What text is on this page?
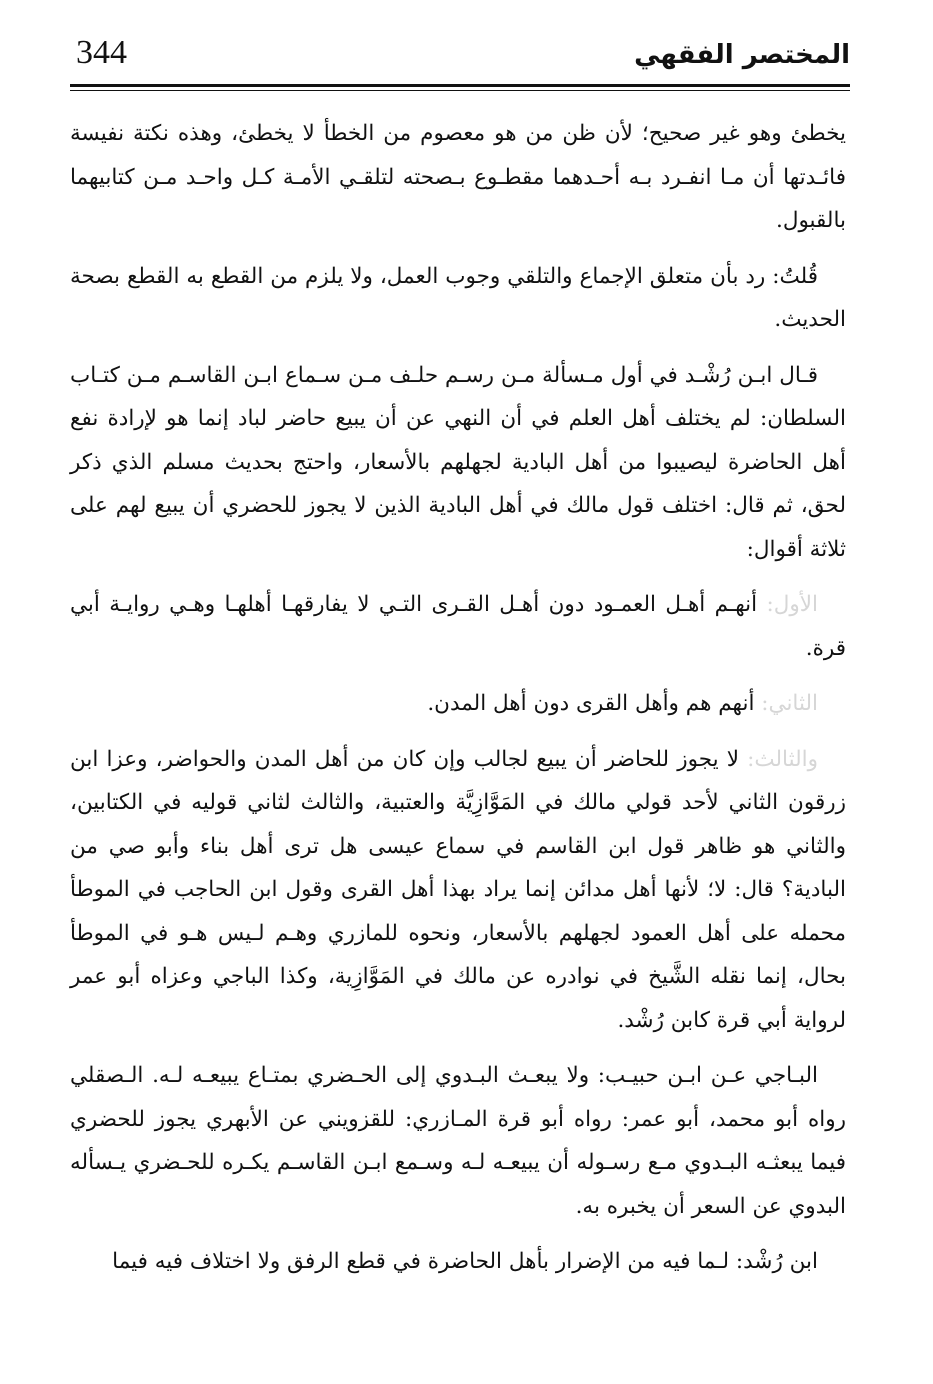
344	المختصر الفقهي

يخطئ وهو غير صحيح؛ لأن ظن من هو معصوم من الخطأ لا يخطئ، وهذه نكتة نفيسة فائـدتها أن مـا انفـرد بـه أحـدهما مقطـوع بـصحته لتلقـي الأمـة كـل واحـد مـن كتابيهما بالقبول.

قُلتُ: رد بأن متعلق الإجماع والتلقي وجوب العمل، ولا يلزم من القطع به القطع بصحة الحديث.

قـال ابـن رُشْـد في أول مـسألة مـن رسـم حلـف مـن سـماع ابـن القاسـم مـن كتـاب السلطان: لم يختلف أهل العلم في أن النهي عن أن يبيع حاضر لباد إنما هو لإرادة نفع أهل الحاضرة ليصيبوا من أهل البادية لجهلهم بالأسعار، واحتج بحديث مسلم الذي ذكر لحق، ثم قال: اختلف قول مالك في أهل البادية الذين لا يجوز للحضري أن يبيع لهم على ثلاثة أقوال:

الأول: أنهـم أهـل العمـود دون أهـل القـرى التـي لا يفارقهـا أهلهـا وهـي روايـة أبي قرة.

الثاني: أنهم هم وأهل القرى دون أهل المدن.

والثالث: لا يجوز للحاضر أن يبيع لجالب وإن كان من أهل المدن والحواضر، وعزا ابن زرقون الثاني لأحد قولي مالك في المَوَّازِيَّة والعتبية، والثالث لثاني قوليه في الكتابين، والثاني هو ظاهر قول ابن القاسم في سماع عيسى هل ترى أهل بناء وأبو صي من البادية؟ قال: لا؛ لأنها أهل مدائن إنما يراد بهذا أهل القرى وقول ابن الحاجب في الموطأ محمله على أهل العمود لجهلهم بالأسعار، ونحوه للمازري وهـم لـيس هـو في الموطأ بحال، إنما نقله الشَّيخ في نوادره عن مالك في المَوَّازِية، وكذا الباجي وعزاه أبو عمر لرواية أبي قرة كابن رُشْد.

البـاجي عـن ابـن حبيـب: ولا يبعـث البـدوي إلى الحـضري بمتـاع يبيعـه لـه. الـصقلي رواه أبو محمد، أبو عمر: رواه أبو قرة المـازري: للقزويني عن الأبهري يجوز للحضري فيما يبعثـه البـدوي مـع رسـوله أن يبيعـه لـه وسـمع ابـن القاسـم يكـره للحـضري يـسأله البدوي عن السعر أن يخبره به.

ابن رُشْد: لـما فيه من الإضرار بأهل الحاضرة في قطع الرفق ولا اختلاف فيه فيما
